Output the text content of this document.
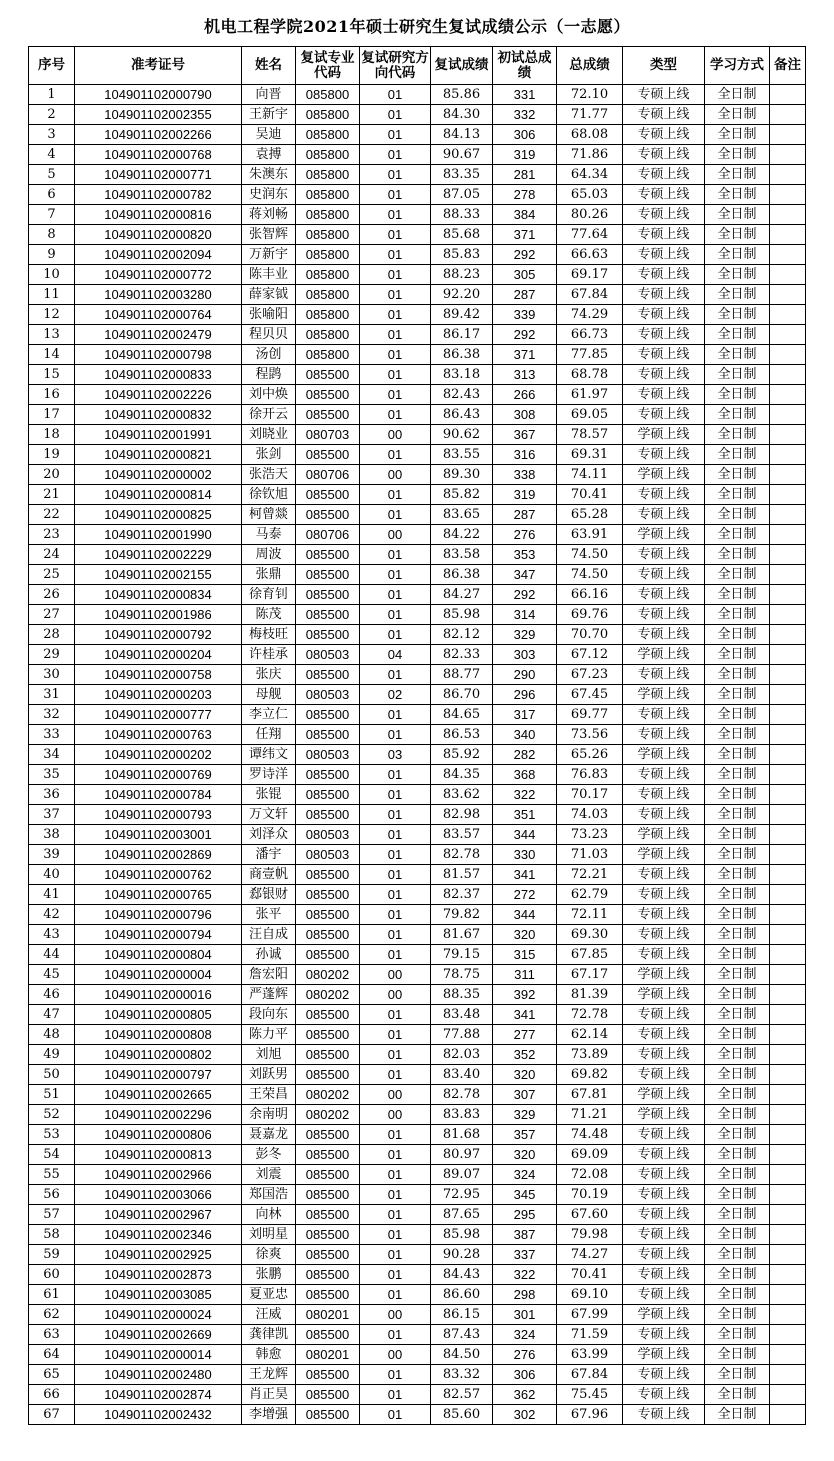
机电工程学院2021年硕士研究生复试成绩公示（一志愿）
序号	准考证号	姓名	复试专业代码	复试研究方向代码	复试成绩	初试总成绩	总成绩	类型	学习方式	备注
1	104901102000790	向晋	085800	01	85.86	331	72.10	专硕上线	全日制	
2	104901102002355	王新宇	085800	01	84.30	332	71.77	专硕上线	全日制	
3	104901102002266	吴迪	085800	01	84.13	306	68.08	专硕上线	全日制	
4	104901102000768	袁搏	085800	01	90.67	319	71.86	专硕上线	全日制	
5	104901102000771	朱澳东	085800	01	83.35	281	64.34	专硕上线	全日制	
6	104901102000782	史润东	085800	01	87.05	278	65.03	专硕上线	全日制	
7	104901102000816	蒋刘畅	085800	01	88.33	384	80.26	专硕上线	全日制	
8	104901102000820	张智辉	085800	01	85.68	371	77.64	专硕上线	全日制	
9	104901102002094	万新宇	085800	01	85.83	292	66.63	专硕上线	全日制	
10	104901102000772	陈丰业	085800	01	88.23	305	69.17	专硕上线	全日制	
11	104901102003280	薛家钺	085800	01	92.20	287	67.84	专硕上线	全日制	
12	104901102000764	张喻阳	085800	01	89.42	339	74.29	专硕上线	全日制	
13	104901102002479	程贝贝	085800	01	86.17	292	66.73	专硕上线	全日制	
14	104901102000798	汤创	085800	01	86.38	371	77.85	专硕上线	全日制	
15	104901102000833	程鹍	085500	01	83.18	313	68.78	专硕上线	全日制	
16	104901102002226	刘中焕	085500	01	82.43	266	61.97	专硕上线	全日制	
17	104901102000832	徐开云	085500	01	86.43	308	69.05	专硕上线	全日制	
18	104901102001991	刘晓业	080703	00	90.62	367	78.57	学硕上线	全日制	
19	104901102000821	张剑	085500	01	83.55	316	69.31	专硕上线	全日制	
20	104901102000002	张浩天	080706	00	89.30	338	74.11	学硕上线	全日制	
21	104901102000814	徐钦旭	085500	01	85.82	319	70.41	专硕上线	全日制	
22	104901102000825	柯曾燚	085500	01	83.65	287	65.28	专硕上线	全日制	
23	104901102001990	马泰	080706	00	84.22	276	63.91	学硕上线	全日制	
24	104901102002229	周波	085500	01	83.58	353	74.50	专硕上线	全日制	
25	104901102002155	张鼎	085500	01	86.38	347	74.50	专硕上线	全日制	
26	104901102000834	徐育钊	085500	01	84.27	292	66.16	专硕上线	全日制	
27	104901102001986	陈茂	085500	01	85.98	314	69.76	专硕上线	全日制	
28	104901102000792	梅枝旺	085500	01	82.12	329	70.70	专硕上线	全日制	
29	104901102000204	许桂承	080503	04	82.33	303	67.12	学硕上线	全日制	
30	104901102000758	张庆	085500	01	88.77	290	67.23	专硕上线	全日制	
31	104901102000203	母舰	080503	02	86.70	296	67.45	学硕上线	全日制	
32	104901102000777	李立仁	085500	01	84.65	317	69.77	专硕上线	全日制	
33	104901102000763	任翔	085500	01	86.53	340	73.56	专硕上线	全日制	
34	104901102000202	谭纬文	080503	03	85.92	282	65.26	学硕上线	全日制	
35	104901102000769	罗诗洋	085500	01	84.35	368	76.83	专硕上线	全日制	
36	104901102000784	张锟	085500	01	83.62	322	70.17	专硕上线	全日制	
37	104901102000793	万文轩	085500	01	82.98	351	74.03	专硕上线	全日制	
38	104901102003001	刘泽众	080503	01	83.57	344	73.23	学硕上线	全日制	
39	104901102002869	潘宇	080503	01	82.78	330	71.03	学硕上线	全日制	
40	104901102000762	商壹帆	085500	01	81.57	341	72.21	专硕上线	全日制	
41	104901102000765	郄银财	085500	01	82.37	272	62.79	专硕上线	全日制	
42	104901102000796	张平	085500	01	79.82	344	72.11	专硕上线	全日制	
43	104901102000794	汪自成	085500	01	81.67	320	69.30	专硕上线	全日制	
44	104901102000804	孙诚	085500	01	79.15	315	67.85	专硕上线	全日制	
45	104901102000004	詹宏阳	080202	00	78.75	311	67.17	学硕上线	全日制	
46	104901102000016	严蓬辉	080202	00	88.35	392	81.39	学硕上线	全日制	
47	104901102000805	段向东	085500	01	83.48	341	72.78	专硕上线	全日制	
48	104901102000808	陈力平	085500	01	77.88	277	62.14	专硕上线	全日制	
49	104901102000802	刘旭	085500	01	82.03	352	73.89	专硕上线	全日制	
50	104901102000797	刘跃男	085500	01	83.40	320	69.82	专硕上线	全日制	
51	104901102002665	王荣昌	080202	00	82.78	307	67.81	学硕上线	全日制	
52	104901102002296	余南明	080202	00	83.83	329	71.21	学硕上线	全日制	
53	104901102000806	聂嘉龙	085500	01	81.68	357	74.48	专硕上线	全日制	
54	104901102000813	彭冬	085500	01	80.97	320	69.09	专硕上线	全日制	
55	104901102002966	刘震	085500	01	89.07	324	72.08	专硕上线	全日制	
56	104901102003066	郑国浩	085500	01	72.95	345	70.19	专硕上线	全日制	
57	104901102002967	向林	085500	01	87.65	295	67.60	专硕上线	全日制	
58	104901102002346	刘明星	085500	01	85.98	387	79.98	专硕上线	全日制	
59	104901102002925	徐爽	085500	01	90.28	337	74.27	专硕上线	全日制	
60	104901102002873	张鹏	085500	01	84.43	322	70.41	专硕上线	全日制	
61	104901102003085	夏亚忠	085500	01	86.60	298	69.10	专硕上线	全日制	
62	104901102000024	汪威	080201	00	86.15	301	67.99	学硕上线	全日制	
63	104901102002669	龚律凯	085500	01	87.43	324	71.59	专硕上线	全日制	
64	104901102000014	韩愈	080201	00	84.50	276	63.99	学硕上线	全日制	
65	104901102002480	王龙辉	085500	01	83.32	306	67.84	专硕上线	全日制	
66	104901102002874	肖正昊	085500	01	82.57	362	75.45	专硕上线	全日制	
67	104901102002432	李增强	085500	01	85.60	302	67.96	专硕上线	全日制	
